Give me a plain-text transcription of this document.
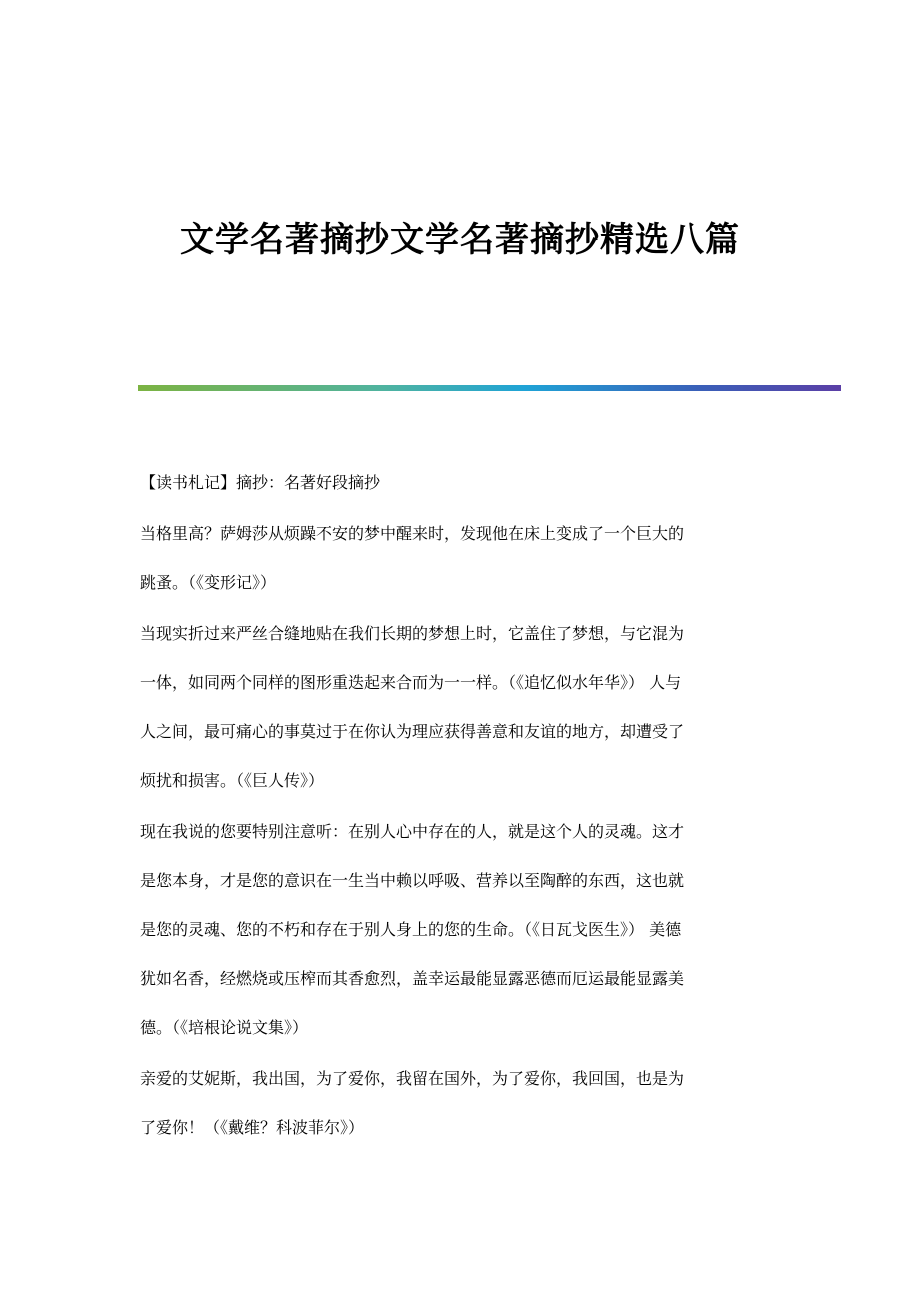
文学名著摘抄文学名著摘抄精选八篇

【读书札记】摘抄：名著好段摘抄

当格里高？萨姆莎从烦躁不安的梦中醒来时，发现他在床上变成了一个巨大的
跳蚤。（《变形记》）

当现实折过来严丝合缝地贴在我们长期的梦想上时，它盖住了梦想，与它混为
一体，如同两个同样的图形重迭起来合而为一一样。（《追忆似水年华》） 人与
人之间，最可痛心的事莫过于在你认为理应获得善意和友谊的地方，却遭受了
烦扰和损害。（《巨人传》）

现在我说的您要特别注意听：在别人心中存在的人，就是这个人的灵魂。这才
是您本身，才是您的意识在一生当中赖以呼吸、营养以至陶醉的东西，这也就
是您的灵魂、您的不朽和存在于别人身上的您的生命。（《日瓦戈医生》） 美德
犹如名香，经燃烧或压榨而其香愈烈，盖幸运最能显露恶德而厄运最能显露美
德。（《培根论说文集》）

亲爱的艾妮斯，我出国，为了爱你，我留在国外，为了爱你，我回国，也是为
了爱你！（《戴维？科波菲尔》）
